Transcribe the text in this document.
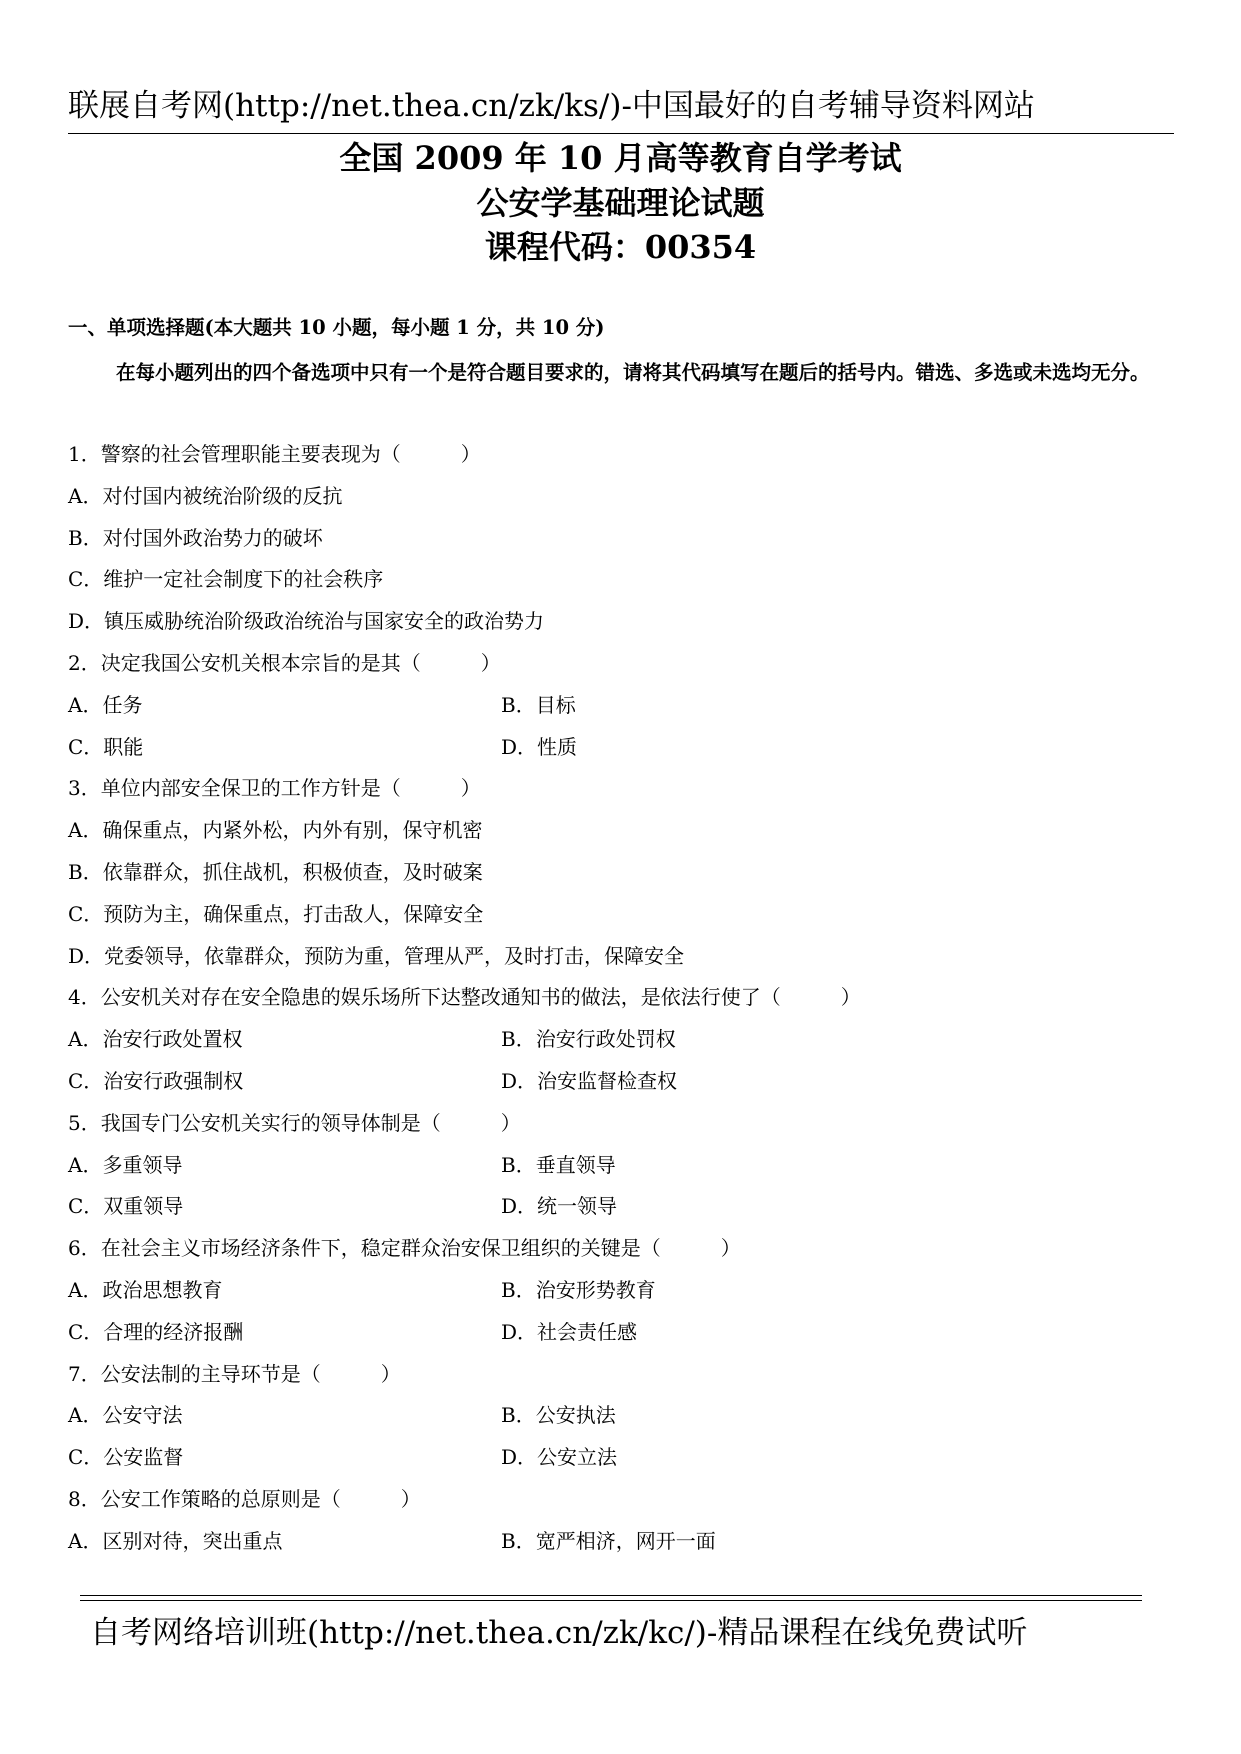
联展自考网(http://net.thea.cn/zk/ks/)-中国最好的自考辅导资料网站
全国 2009 年 10 月高等教育自学考试
公安学基础理论试题
课程代码：00354
一、单项选择题(本大题共 10 小题，每小题 1 分，共 10 分)
在每小题列出的四个备选项中只有一个是符合题目要求的，请将其代码填写在题后的括号内。错选、多选或未选均无分。
1．警察的社会管理职能主要表现为（　　　）
A．对付国内被统治阶级的反抗
B．对付国外政治势力的破坏
C．维护一定社会制度下的社会秩序
D．镇压威胁统治阶级政治统治与国家安全的政治势力
2．决定我国公安机关根本宗旨的是其（　　　）
A．任务	B．目标
C．职能	D．性质
3．单位内部安全保卫的工作方针是（　　　）
A．确保重点，内紧外松，内外有别，保守机密
B．依靠群众，抓住战机，积极侦查，及时破案
C．预防为主，确保重点，打击敌人，保障安全
D．党委领导，依靠群众，预防为重，管理从严，及时打击，保障安全
4．公安机关对存在安全隐患的娱乐场所下达整改通知书的做法，是依法行使了（　　　）
A．治安行政处置权	B．治安行政处罚权
C．治安行政强制权	D．治安监督检查权
5．我国专门公安机关实行的领导体制是（　　　）
A．多重领导	B．垂直领导
C．双重领导	D．统一领导
6．在社会主义市场经济条件下，稳定群众治安保卫组织的关键是（　　　）
A．政治思想教育	B．治安形势教育
C．合理的经济报酬	D．社会责任感
7．公安法制的主导环节是（　　　）
A．公安守法	B．公安执法
C．公安监督	D．公安立法
8．公安工作策略的总原则是（　　　）
A．区别对待，突出重点	B．宽严相济，网开一面
自考网络培训班(http://net.thea.cn/zk/kc/)-精品课程在线免费试听
